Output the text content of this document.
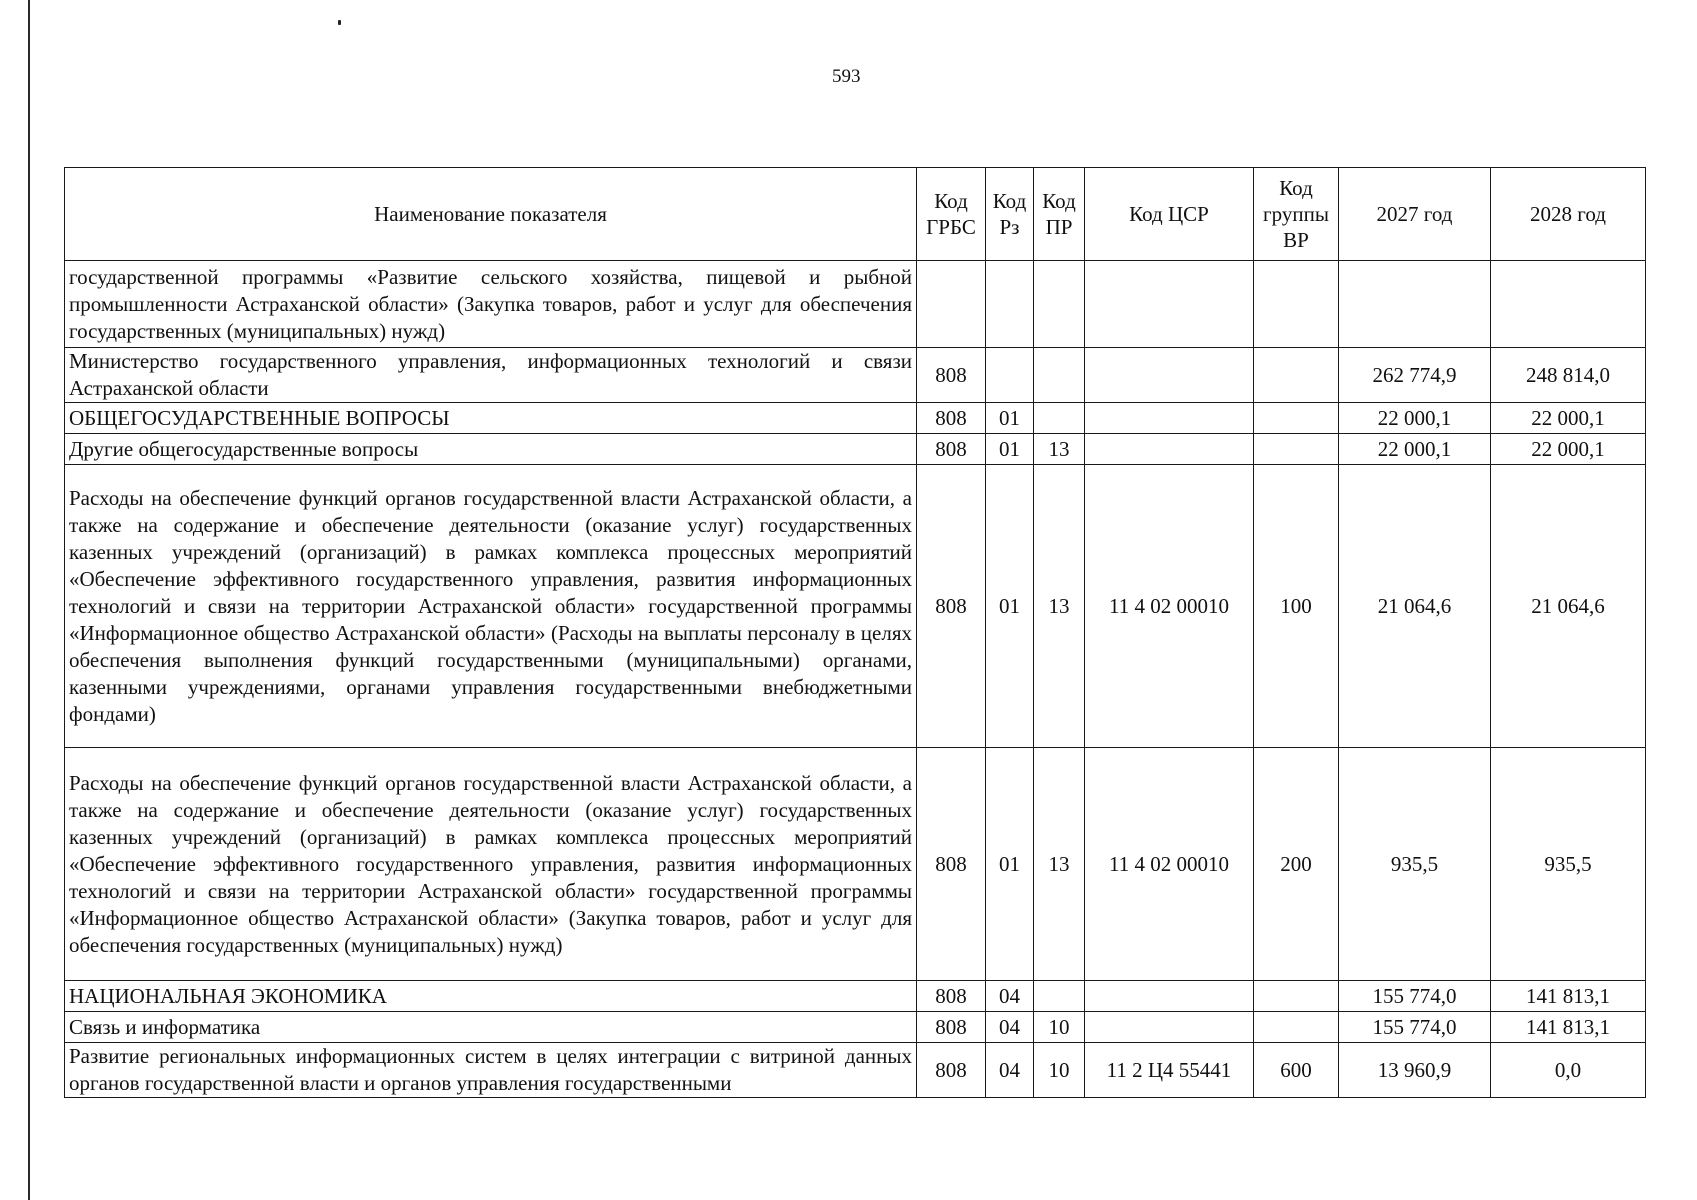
593
Наименование показателя	Код ГРБС	Код Рз	Код ПР	Код ЦСР	Код группы ВР	2027 год	2028 год
государственной программы «Развитие сельского хозяйства, пищевой и рыбной промышленности Астраханской области» (Закупка товаров, работ и услуг для обеспечения государственных (муниципальных) нужд)							
Министерство государственного управления, информационных технологий и связи Астраханской области	808					262 774,9	248 814,0
ОБЩЕГОСУДАРСТВЕННЫЕ ВОПРОСЫ	808	01				22 000,1	22 000,1
Другие общегосударственные вопросы	808	01	13			22 000,1	22 000,1
Расходы на обеспечение функций органов государственной власти Астраханской области, а также на содержание и обеспечение деятельности (оказание услуг) государственных казенных учреждений (организаций) в рамках комплекса процессных мероприятий «Обеспечение эффективного государственного управления, развития информационных технологий и связи на территории Астраханской области» государственной программы «Информационное общество Астраханской области» (Расходы на выплаты персоналу в целях обеспечения выполнения функций государственными (муниципальными) органами, казенными учреждениями, органами управления государственными внебюджетными фондами)	808	01	13	11 4 02 00010	100	21 064,6	21 064,6
Расходы на обеспечение функций органов государственной власти Астраханской области, а также на содержание и обеспечение деятельности (оказание услуг) государственных казенных учреждений (организаций) в рамках комплекса процессных мероприятий «Обеспечение эффективного государственного управления, развития информационных технологий и связи на территории Астраханской области» государственной программы «Информационное общество Астраханской области» (Закупка товаров, работ и услуг для обеспечения государственных (муниципальных) нужд)	808	01	13	11 4 02 00010	200	935,5	935,5
НАЦИОНАЛЬНАЯ ЭКОНОМИКА	808	04				155 774,0	141 813,1
Связь и информатика	808	04	10			155 774,0	141 813,1
Развитие региональных информационных систем в целях интеграции с витриной данных органов государственной власти и органов управления государственными	808	04	10	11 2 Ц4 55441	600	13 960,9	0,0
